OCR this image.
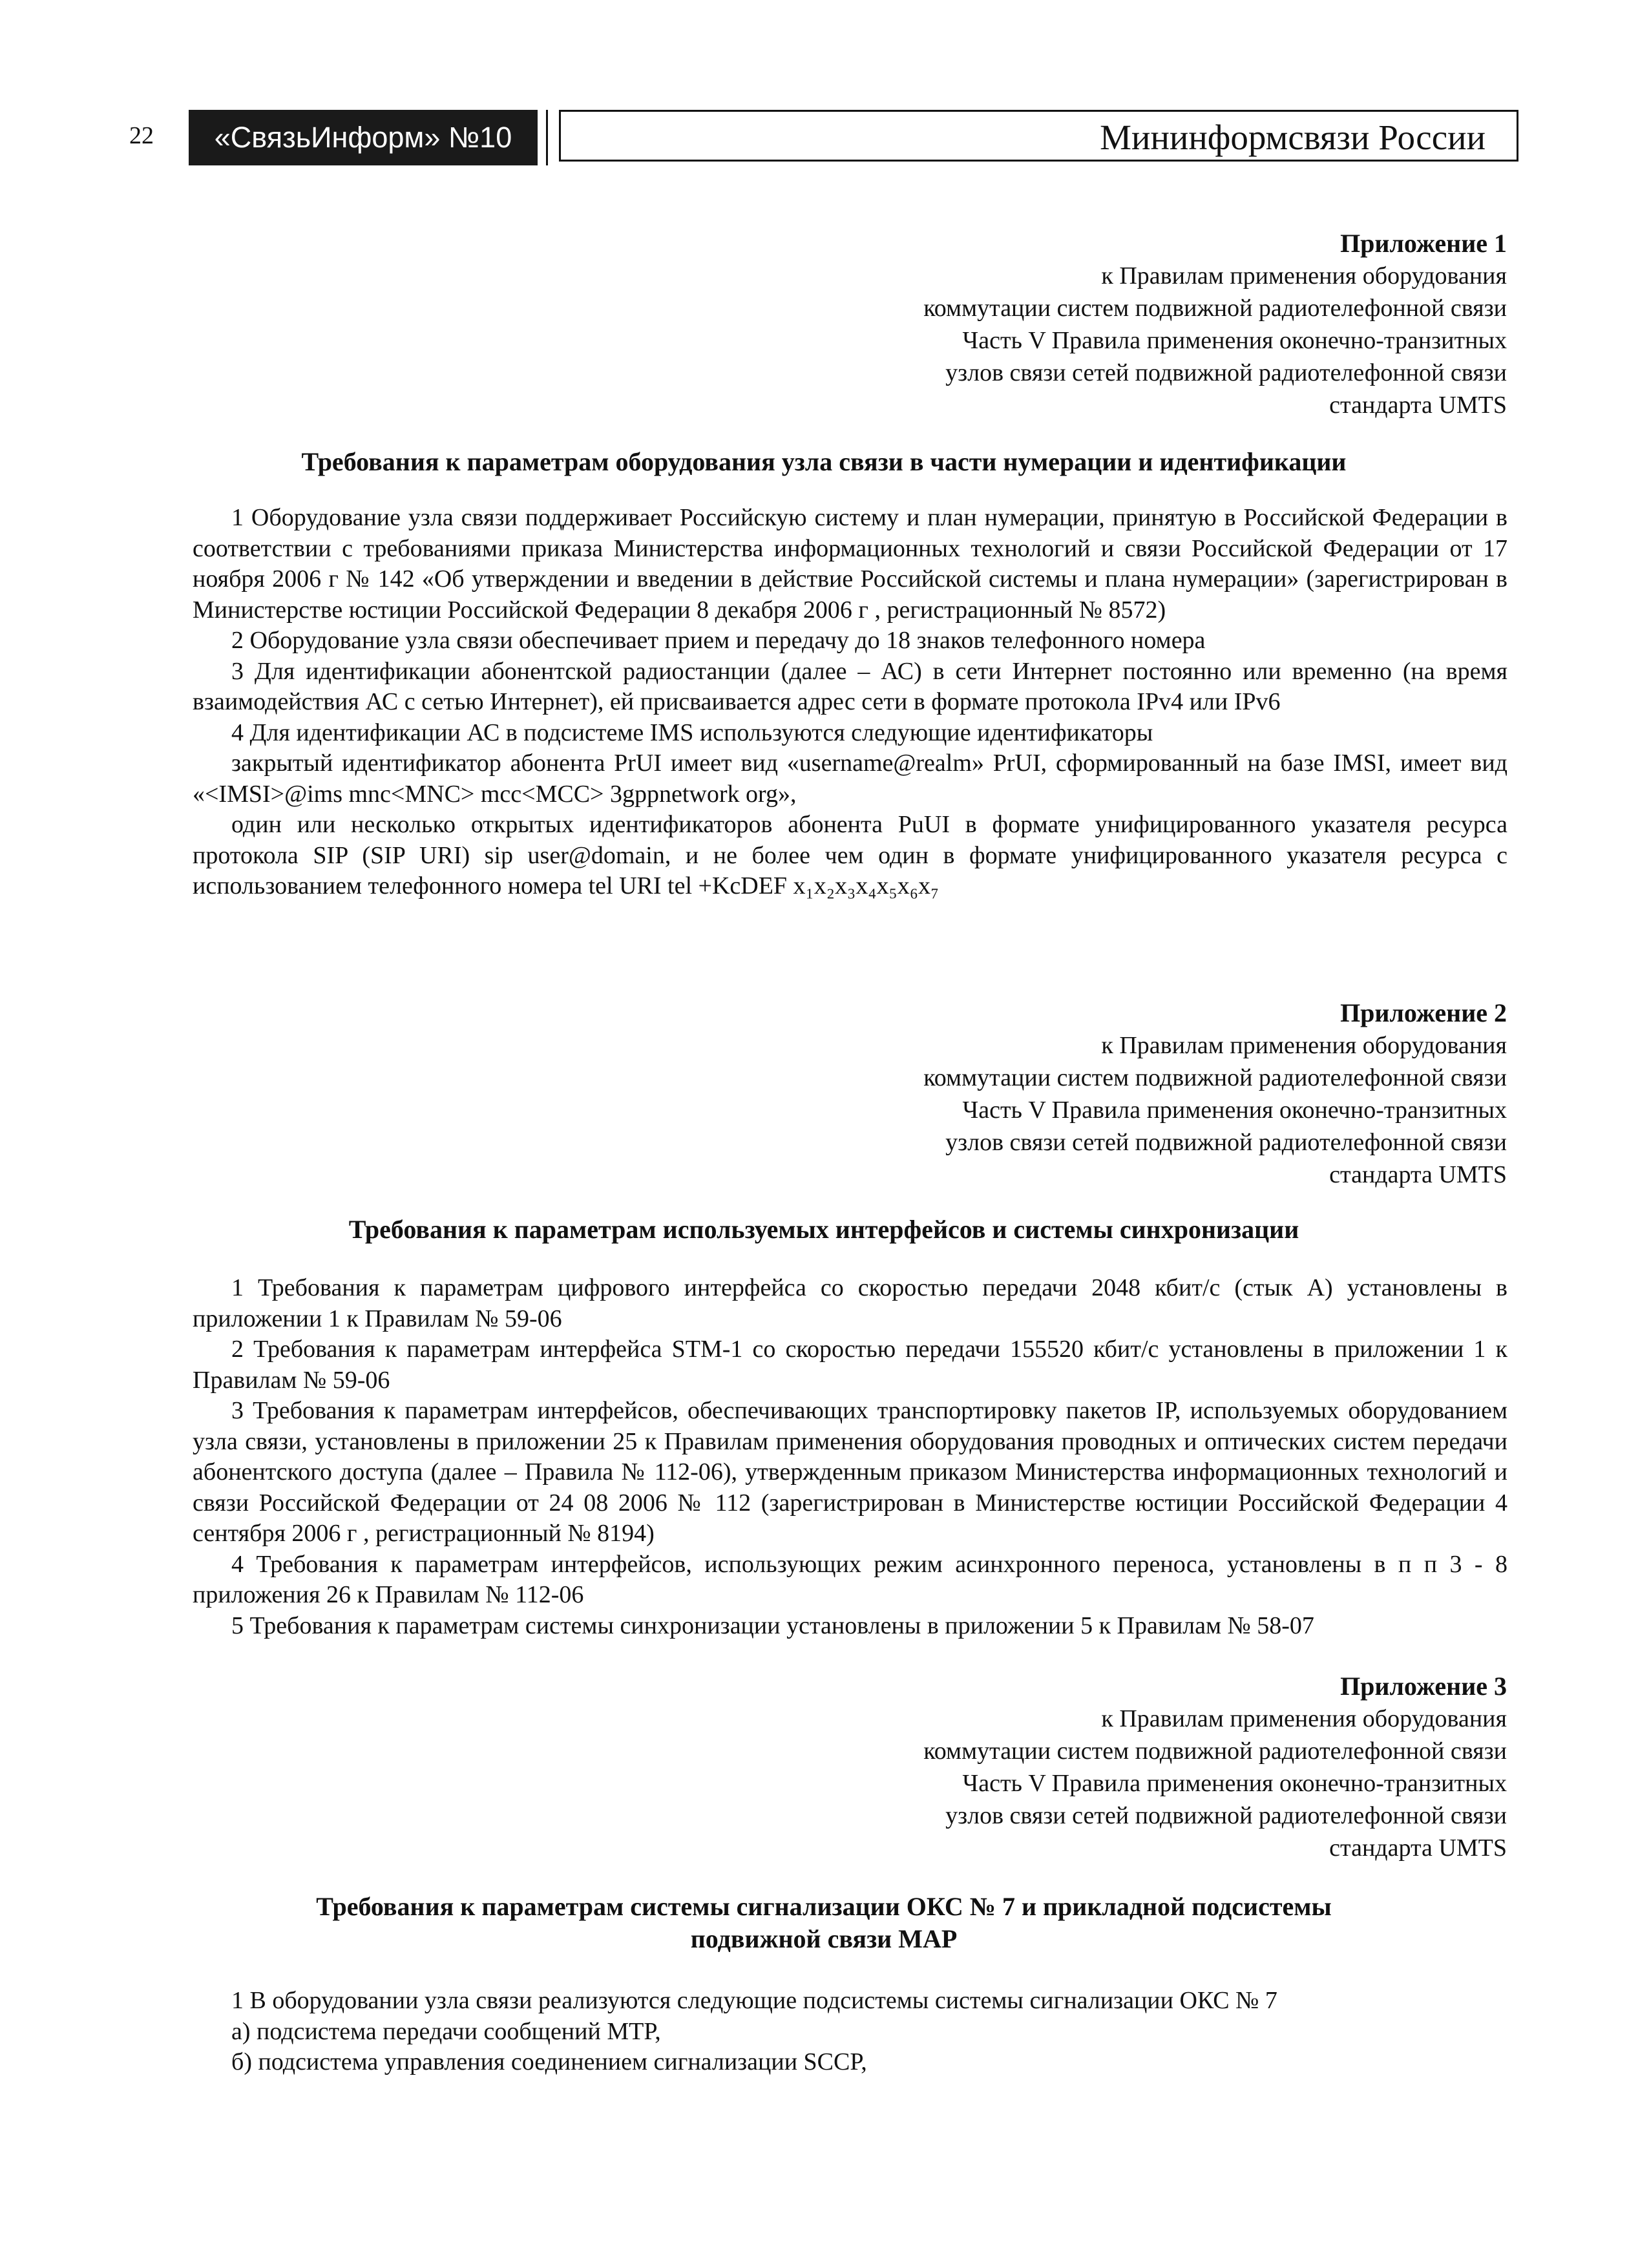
22	«СвязьИнформ» №10	Мининформсвязи России
Приложение 1
к Правилам применения оборудования
коммутации систем подвижной радиотелефонной связи
Часть V Правила применения оконечно-транзитных
узлов связи сетей подвижной радиотелефонной связи
стандарта UMTS
Требования к параметрам оборудования узла связи в части нумерации и идентификации

1 Оборудование узла связи поддерживает Российскую систему и план нумерации, принятую в Российской Федерации в соответствии с требованиями приказа Министерства информационных технологий и связи Российской Федерации от 17 ноября 2006 г № 142 «Об утверждении и введении в действие Российской системы и плана нумерации» (зарегистрирован в Министерстве юстиции Российской Федерации 8 декабря 2006 г , регистрационный № 8572)

2 Оборудование узла связи обеспечивает прием и передачу до 18 знаков телефонного номера

3 Для идентификации абонентской радиостанции (далее – АС) в сети Интернет постоянно или временно (на время взаимодействия АС с сетью Интернет), ей присваивается адрес сети в формате протокола IPv4 или IPv6

4 Для идентификации АС в подсистеме IMS используются следующие идентификаторы

закрытый идентификатор абонента PrUI имеет вид «username@realm» PrUI, сформированный на базе IMSI, имеет вид «<IMSI>@ims mnc<MNC> mcc<MCC> 3gppnetwork org»,

один или несколько открытых идентификаторов абонента PuUI в формате унифицированного указателя ресурса протокола SIP (SIP URI) sip user@domain, и не более чем один в формате унифицированного указателя ресурса с использованием телефонного номера tel URI tel +KcDEF x₁x₂x₃x₄x₅x₆x₇

Приложение 2
к Правилам применения оборудования
коммутации систем подвижной радиотелефонной связи
Часть V Правила применения оконечно-транзитных
узлов связи сетей подвижной радиотелефонной связи
стандарта UMTS
Требования к параметрам используемых интерфейсов и системы синхронизации

1 Требования к параметрам цифрового интерфейса со скоростью передачи 2048 кбит/с (стык А) установлены в приложении 1 к Правилам № 59-06

2 Требования к параметрам интерфейса STM-1 со скоростью передачи 155520 кбит/с установлены в приложении 1 к Правилам № 59-06

3 Требования к параметрам интерфейсов, обеспечивающих транспортировку пакетов IP, используемых оборудованием узла связи, установлены в приложении 25 к Правилам применения оборудования проводных и оптических систем передачи абонентского доступа (далее – Правила № 112-06), утвержденным приказом Министерства информационных технологий и связи Российской Федерации от 24 08 2006 № 112 (зарегистрирован в Министерстве юстиции Российской Федерации 4 сентября 2006 г , регистрационный № 8194)

4 Требования к параметрам интерфейсов, использующих режим асинхронного переноса, установлены в п п 3 - 8 приложения 26 к Правилам № 112-06

5 Требования к параметрам системы синхронизации установлены в приложении 5 к Правилам № 58-07

Приложение 3
к Правилам применения оборудования
коммутации систем подвижной радиотелефонной связи
Часть V Правила применения оконечно-транзитных
узлов связи сетей подвижной радиотелефонной связи
стандарта UMTS
Требования к параметрам системы сигнализации ОКС № 7 и прикладной подсистемы
подвижной связи MAP

1 В оборудовании узла связи реализуются следующие подсистемы системы сигнализации ОКС № 7

а) подсистема передачи сообщений MTP,

б) подсистема управления соединением сигнализации SCCP,
